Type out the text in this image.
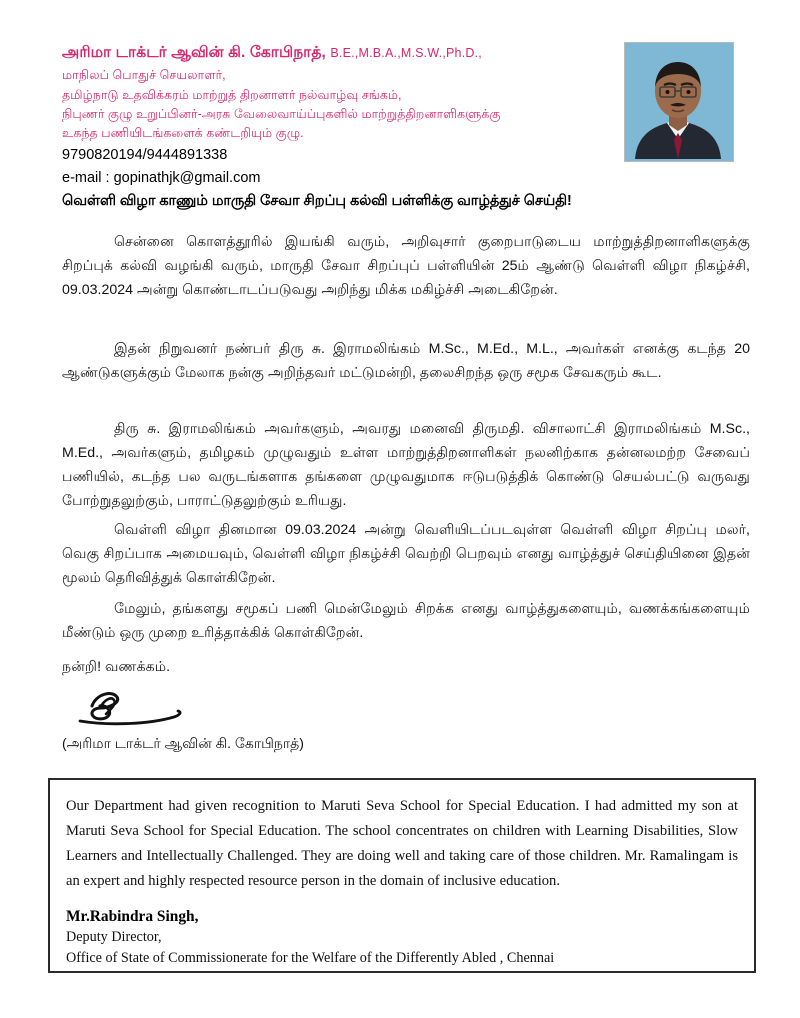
அரிமா டாக்டர் ஆவின் கி. கோபிநாத், B.E.,M.B.A.,M.S.W.,Ph.D.,

மாநிலப் பொதுச் செயலாளர்,

தமிழ்நாடு உதவிக்கரம் மாற்றுத் திறனாளர் நல்வாழ்வு சங்கம்,

நிபுணர் குழு உறுப்பினர்-அரசு வேலைவாய்ப்புகளில் மாற்றுத்திறனாளிகளுக்கு

உகந்த பணியிடங்களைக் கண்டறியும் குழு.

9790820194/9444891338

e-mail : gopinathjk@gmail.com

வெள்ளி விழா காணும் மாருதி சேவா சிறப்பு கல்வி பள்ளிக்கு வாழ்த்துச் செய்தி!
சென்னை கொளத்தூரில் இயங்கி வரும், அறிவுசார் குறைபாடுடைய மாற்றுத்திறனாளிகளுக்கு சிறப்புக் கல்வி வழங்கி வரும், மாருதி சேவா சிறப்புப் பள்ளியின் 25ம் ஆண்டு வெள்ளி விழா நிகழ்ச்சி, 09.03.2024 அன்று கொண்டாடப்படுவது அறிந்து மிக்க மகிழ்ச்சி அடைகிறேன்.
இதன் நிறுவனர் நண்பர் திரு சு. இராமலிங்கம் M.Sc., M.Ed., M.L., அவர்கள் எனக்கு கடந்த 20 ஆண்டுகளுக்கும் மேலாக நன்கு அறிந்தவர் மட்டுமன்றி, தலைசிறந்த ஒரு சமூக சேவகரும் கூட.
திரு சு. இராமலிங்கம் அவர்களும், அவரது மனைவி திருமதி. விசாலாட்சி இராமலிங்கம் M.Sc., M.Ed., அவர்களும், தமிழகம் முழுவதும் உள்ள மாற்றுத்திறனாளிகள் நலனிற்காக தன்னலமற்ற சேவைப் பணியில், கடந்த பல வருடங்களாக தங்களை முழுவதுமாக ஈடுபடுத்திக் கொண்டு செயல்பட்டு வருவது போற்றுதலுற்கும், பாராட்டுதலுற்கும் உரியது.
வெள்ளி விழா தினமான 09.03.2024 அன்று வெளியிடப்படவுள்ள வெள்ளி விழா சிறப்பு மலர், வெகு சிறப்பாக அமையவும், வெள்ளி விழா நிகழ்ச்சி வெற்றி பெறவும் எனது வாழ்த்துச் செய்தியினை இதன் மூலம் தெரிவித்துக் கொள்கிறேன்.
மேலும், தங்களது சமூகப் பணி மென்மேலும் சிறக்க எனது வாழ்த்துகளையும், வணக்கங்களையும் மீண்டும் ஒரு முறை உரித்தாக்கிக் கொள்கிறேன்.
நன்றி! வணக்கம்.
(அரிமா டாக்டர் ஆவின் கி. கோபிநாத்)

Our Department had given recognition to Maruti Seva School for Special Education. I had admitted my son at Maruti Seva School for Special Education. The school concentrates on children with Learning Disabilities, Slow Learners and Intellectually Challenged. They are doing well and taking care of those children. Mr. Ramalingam is an expert and highly respected resource person in the domain of inclusive education.

Mr.Rabindra Singh,

Deputy Director,

Office of State of Commissionerate for the Welfare of the Differently Abled , Chennai
